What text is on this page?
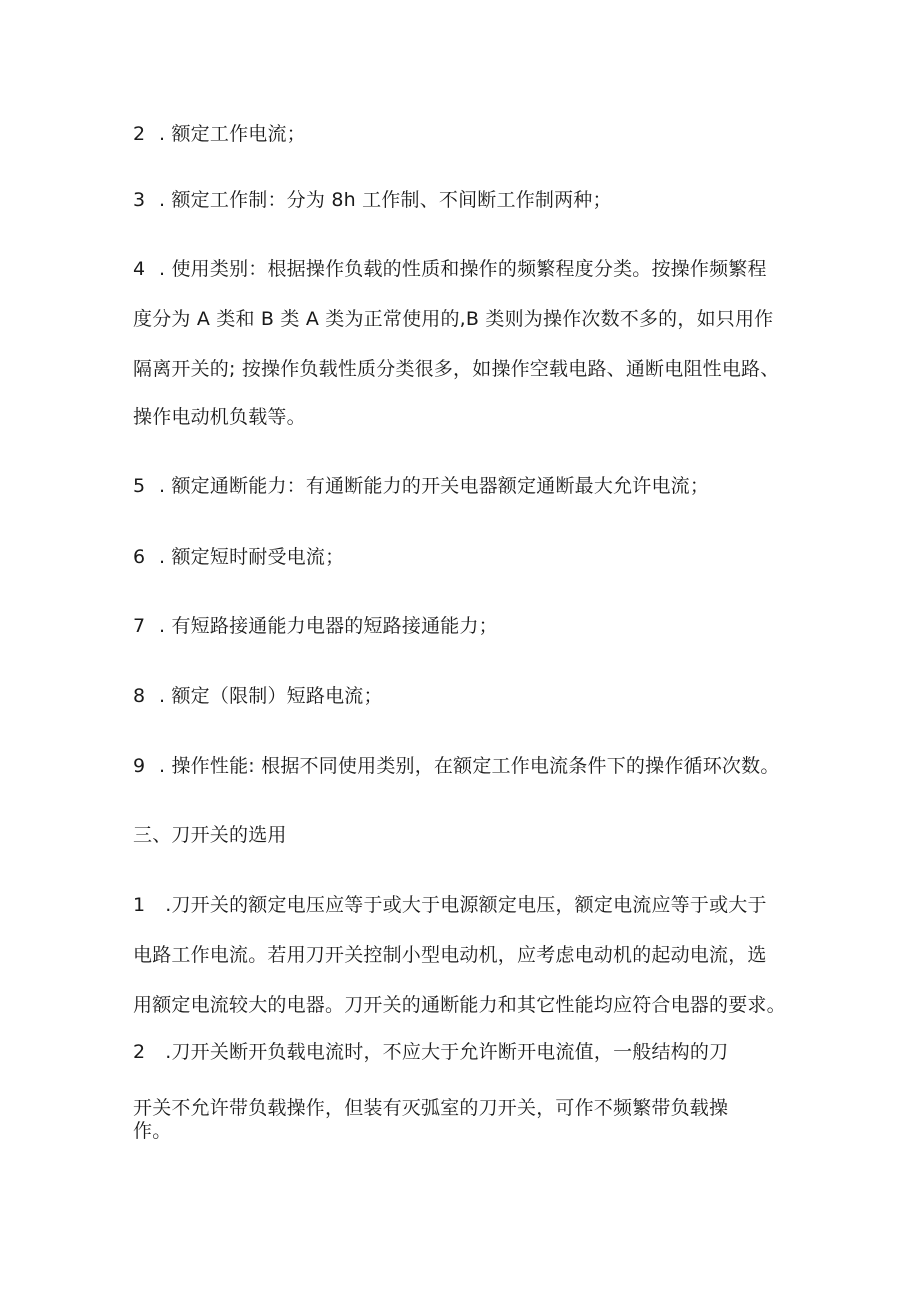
2 . 额定工作电流；
3 . 额定工作制：分为 8h 工作制、不间断工作制两种；
4 . 使用类别：根据操作负载的性质和操作的频繁程度分类。按操作频繁程
度分为 A 类和 B 类 A 类为正常使用的,B 类则为操作次数不多的，如只用作
隔离开关的; 按操作负载性质分类很多，如操作空载电路、通断电阻性电路、
操作电动机负载等。
5 . 额定通断能力：有通断能力的开关电器额定通断最大允许电流；
6 . 额定短时耐受电流；
7 . 有短路接通能力电器的短路接通能力；
8 . 额定（限制）短路电流；
9 . 操作性能: 根据不同使用类别，在额定工作电流条件下的操作循环次数。
三、刀开关的选用
1 .刀开关的额定电压应等于或大于电源额定电压，额定电流应等于或大于
电路工作电流。若用刀开关控制小型电动机，应考虑电动机的起动电流，选
用额定电流较大的电器。刀开关的通断能力和其它性能均应符合电器的要求。
2 .刀开关断开负载电流时，不应大于允许断开电流值，一般结构的刀
开关不允许带负载操作，但装有灭弧室的刀开关，可作不频繁带负载操
作。
